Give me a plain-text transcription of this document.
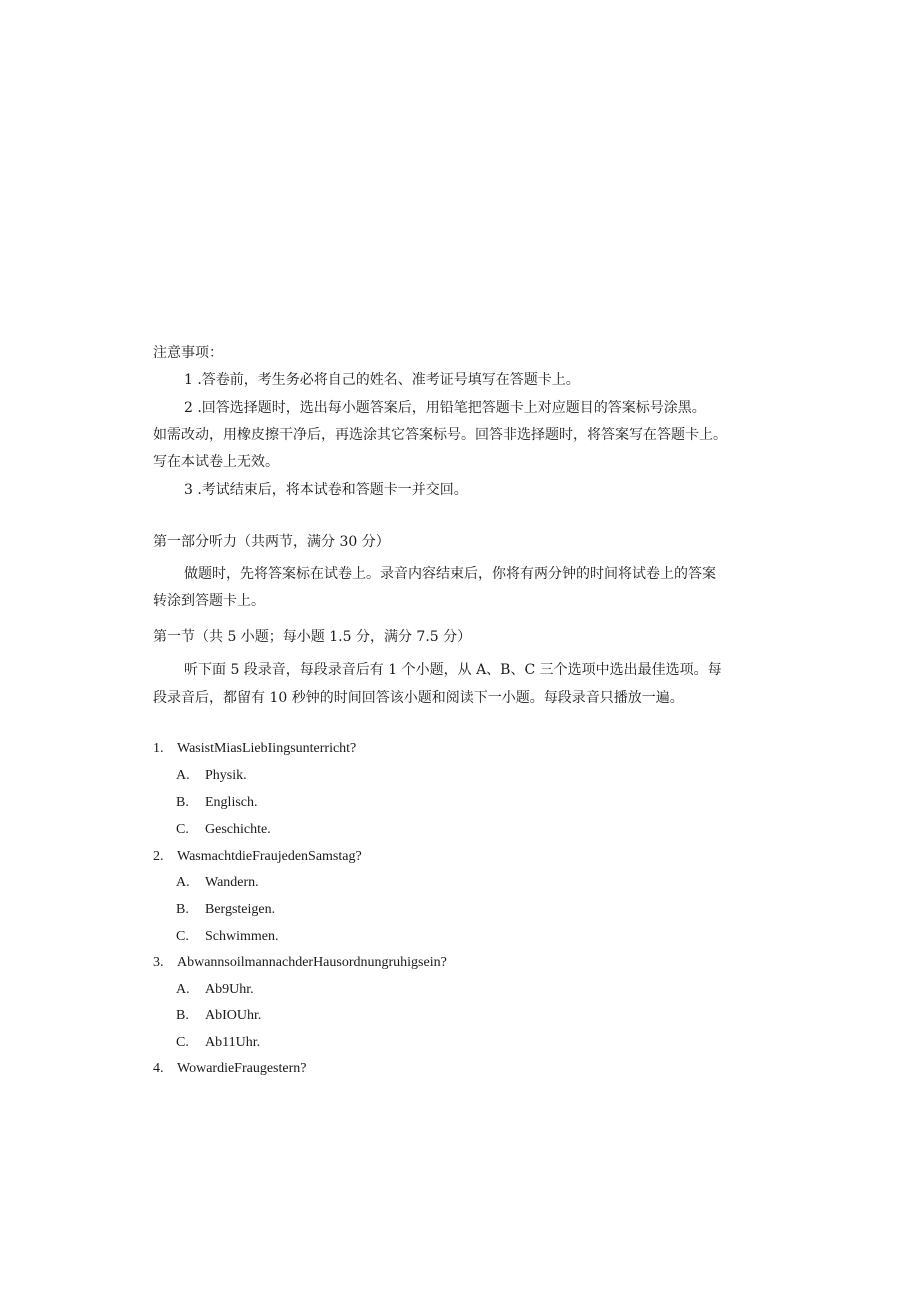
注意事项：
1 .答卷前，考生务必将自己的姓名、准考证号填写在答题卡上。
2 .回答选择题时，选出每小题答案后，用铅笔把答题卡上对应题目的答案标号涂黑。
如需改动，用橡皮擦干净后，再选涂其它答案标号。回答非选择题时，将答案写在答题卡上。
写在本试卷上无效。
3 .考试结束后，将本试卷和答题卡一并交回。
第一部分听力（共两节，满分 30 分）
做题时，先将答案标在试卷上。录音内容结束后，你将有两分钟的时间将试卷上的答案
转涂到答题卡上。
第一节（共 5 小题；每小题 1.5 分，满分 7.5 分）
听下面 5 段录音，每段录音后有 1 个小题，从 A、B、C 三个选项中选出最佳选项。每
段录音后，都留有 10 秒钟的时间回答该小题和阅读下一小题。每段录音只播放一遍。
1. WasistMiasLiebIingsunterricht?
A. Physik.
B. Englisch.
C. Geschichte.
2. WasmachtdieFraujedenSamstag?
A. Wandern.
B. Bergsteigen.
C. Schwimmen.
3. AbwannsoilmannachderHausordnungruhigsein?
A. Ab9Uhr.
B. AbIOUhr.
C. Ab11Uhr.
4. WowardieFraugestern?
